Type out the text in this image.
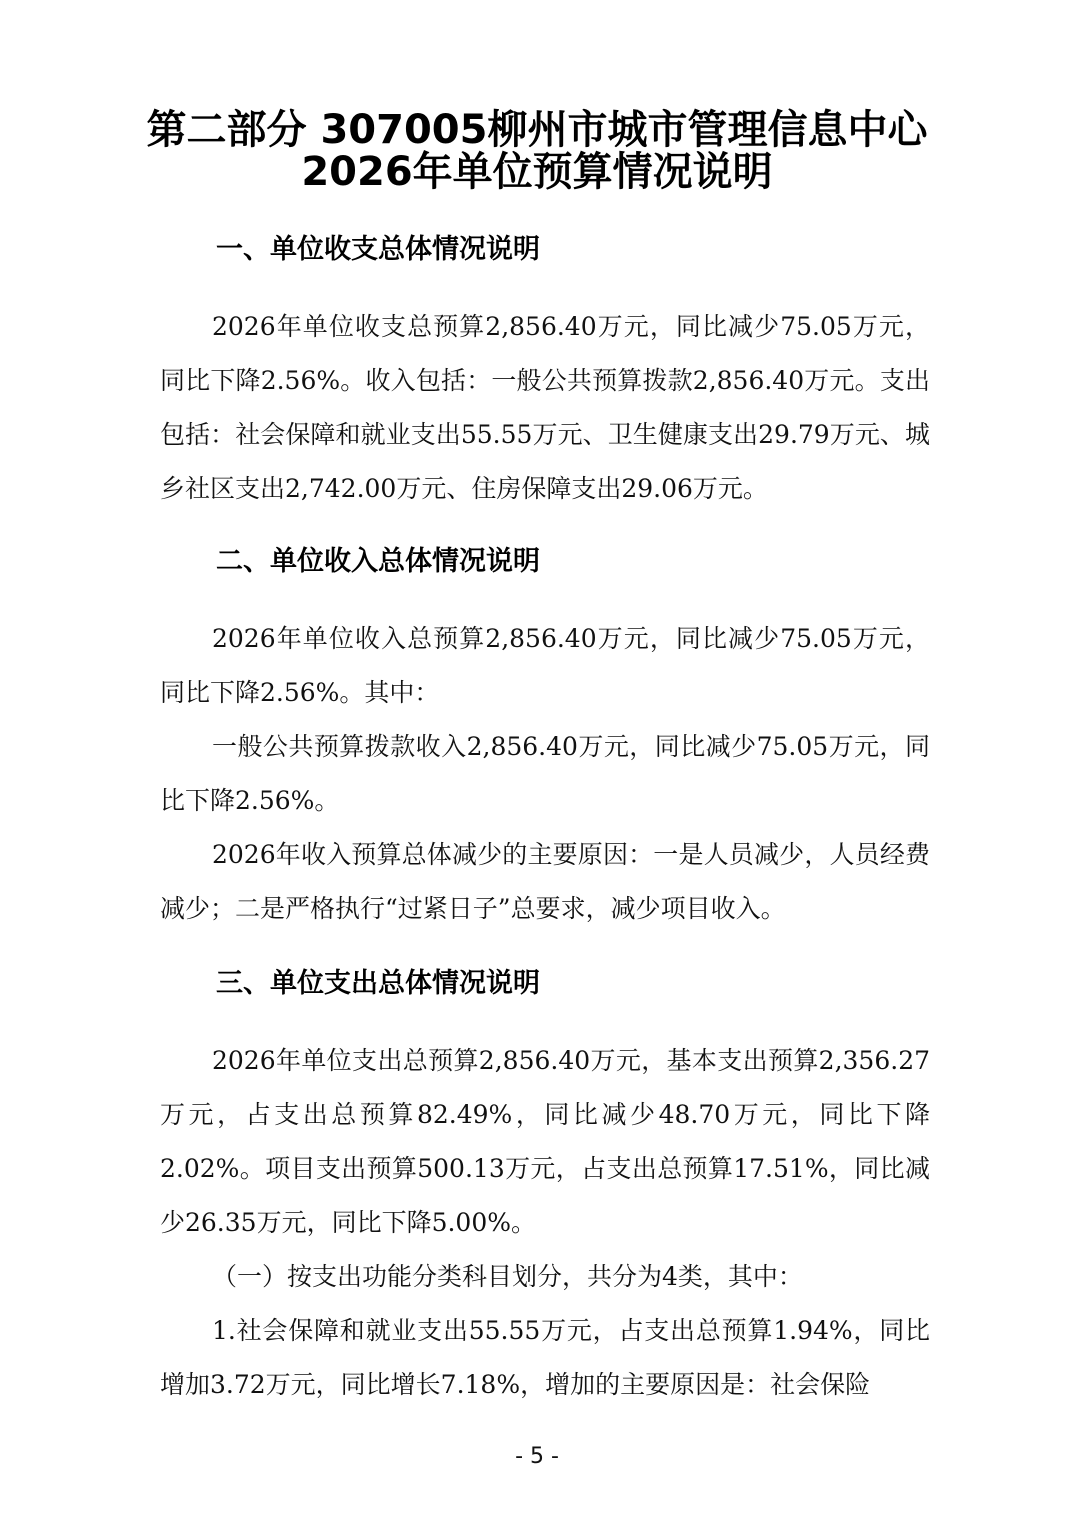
第二部分 307005柳州市城市管理信息中心
2026年单位预算情况说明
一、单位收支总体情况说明

2026年单位收支总预算2,856.40万元，同比减少75.05万元，同比下降2.56%。收入包括：一般公共预算拨款2,856.40万元。支出包括：社会保障和就业支出55.55万元、卫生健康支出29.79万元、城乡社区支出2,742.00万元、住房保障支出29.06万元。

二、单位收入总体情况说明

2026年单位收入总预算2,856.40万元，同比减少75.05万元，同比下降2.56%。其中：

一般公共预算拨款收入2,856.40万元，同比减少75.05万元，同比下降2.56%。

2026年收入预算总体减少的主要原因：一是人员减少，人员经费减少；二是严格执行“过紧日子”总要求，减少项目收入。

三、单位支出总体情况说明

2026年单位支出总预算2,856.40万元，基本支出预算2,356.27万元，占支出总预算82.49%，同比减少48.70万元，同比下降2.02%。项目支出预算500.13万元，占支出总预算17.51%，同比减少26.35万元，同比下降5.00%。

（一）按支出功能分类科目划分，共分为4类，其中：

1.社会保障和就业支出55.55万元，占支出总预算1.94%，同比增加3.72万元，同比增长7.18%，增加的主要原因是：社会保险

- 5 -
